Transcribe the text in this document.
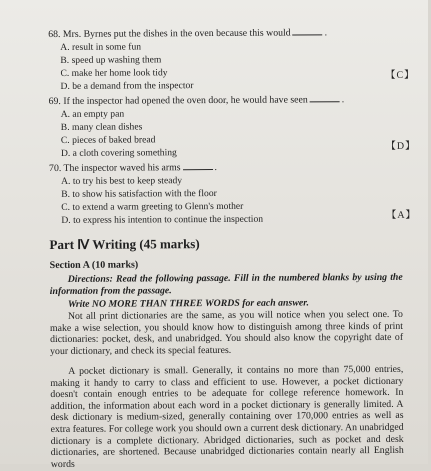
68. Mrs. Byrnes put the dishes in the oven because this would	.
A. result in some fun
B. speed up washing them
C. make her home look tidy
D. be a demand from the inspector
【C】
69. If the inspector had opened the oven door, he would have seen	.
A. an empty pan
B. many clean dishes
C. pieces of baked bread
D. a cloth covering something
【D】
70. The inspector waved his arms	.
A. to try his best to keep steady
B. to show his satisfaction with the floor
C. to extend a warm greeting to Glenn's mother
D. to express his intention to continue the inspection	【A】
Part Ⅳ Writing (45 marks)
Section A (10 marks)
Directions: Read the following passage. Fill in the numbered blanks by using the information from the passage.
Write NO MORE THAN THREE WORDS for each answer.
Not all print dictionaries are the same, as you will notice when you select one. To make a wise selection, you should know how to distinguish among three kinds of print dictionaries: pocket, desk, and unabridged. You should also know the copyright date of your dictionary, and check its special features.
A pocket dictionary is small. Generally, it contains no more than 75,000 entries, making it handy to carry to class and efficient to use. However, a pocket dictionary doesn't contain enough entries to be adequate for college reference homework. In addition, the information about each word in a pocket dictionary is generally limited. A desk dictionary is medium-sized, generally containing over 170,000 entries as well as extra features. For college work you should own a current desk dictionary. An unabridged dictionary is a complete dictionary. Abridged dictionaries, such as pocket and desk dictionaries, are shortened. Because unabridged dictionaries contain nearly all English words
